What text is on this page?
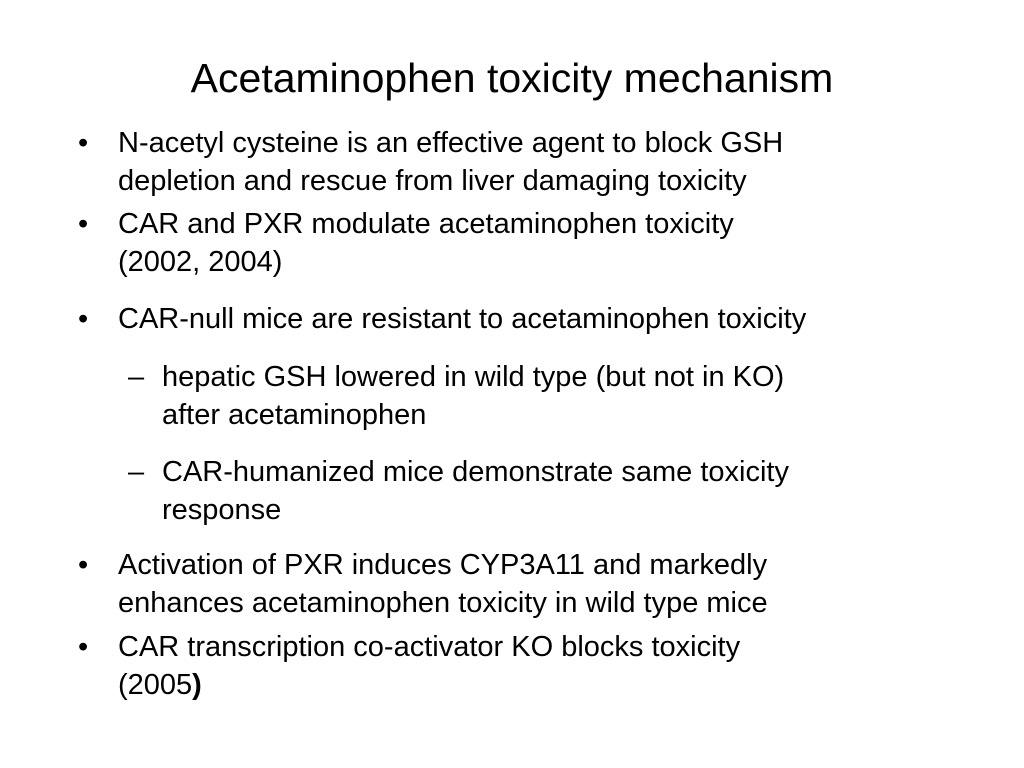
Acetaminophen toxicity mechanism
• N-acetyl cysteine is an effective agent to block GSH
depletion and rescue from liver damaging toxicity
• CAR and PXR modulate acetaminophen toxicity
(2002, 2004)
• CAR-null mice are resistant to acetaminophen toxicity
– hepatic GSH lowered in wild type (but not in KO)
after acetaminophen
– CAR-humanized mice demonstrate same toxicity
response
• Activation of PXR induces CYP3A11 and markedly
enhances acetaminophen toxicity in wild type mice
• CAR transcription co-activator KO blocks toxicity
(2005)
